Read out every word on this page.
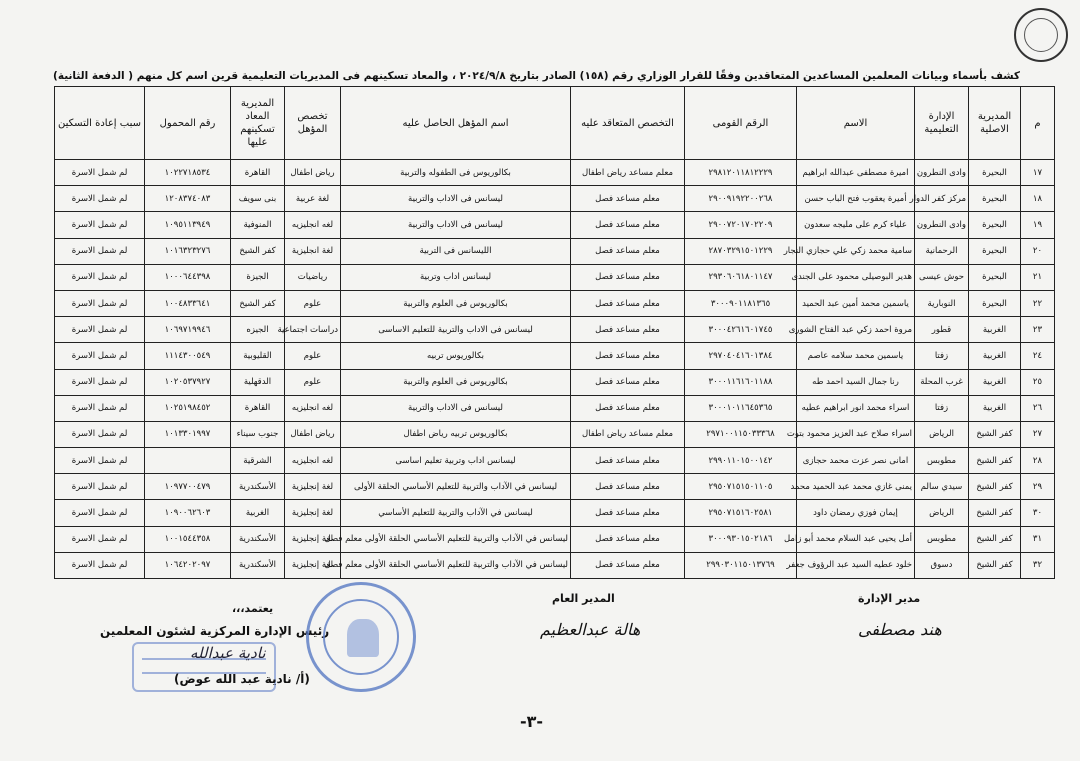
كشف بأسماء وبيانات المعلمين المساعدين المتعاقدين وفقًا للقرار الوزاري رقم (١٥٨) الصادر بتاريخ ٢٠٢٤/٩/٨ ، والمعاد تسكينهم فى المديريات التعليمية قرين اسم كل منهم ( الدفعة الثانية)
م	المديرية الاصلية	الإدارة التعليمية	الاسم	الرقم القومى	التخصص المتعاقد عليه	اسم المؤهل الحاصل عليه	تخصص المؤهل	المديرية المعاد تسكينهم عليها	رقم المحمول	سبب إعادة التسكين
١٧	البحيرة	وادى النطرون	اميرة مصطفى عبدالله ابراهيم	٢٩٨١٢٠١١٨١٢٢٢٩	معلم مساعد رياض اطفال	بكالوريوس فى الطفوله والتربية	رياض اطفال	القاهرة	١٠٢٢٧١٨٥٣٤	لم شمل الاسرة
١٨	البحيرة	مركز كفر الدوار	أميرة يعقوب فتح الباب حسن	٢٩٠٠٩١٩٢٢٠٠٢٦٨	معلم مساعد فصل	ليسانس فى الاداب والتربية	لغة عربية	بنى سويف	١٢٠٨٣٧٤٠٨٣	لم شمل الاسرة
١٩	البحيرة	وادى النطرون	علياء كرم على مليجه سعدون	٢٩٠٠٧٢٠١٧٠٢٢٠٩	معلم مساعد فصل	ليسانس فى الاداب والتربية	لغه انجليزيه	المنوفية	١٠٩٥١١٣٩٤٩	لم شمل الاسرة
٢٠	البحيرة	الرحمانية	سامية محمد زكي علي حجازي النجار	٢٨٧٠٣٢٩١٥٠١٢٢٩	معلم مساعد فصل	الليسانس فى التربية	لغة انجليزية	كفر الشيخ	١٠١٦٣٢٣٢٧٦	لم شمل الاسرة
٢١	البحيرة	حوش عيسى	هدير البوصيلى محمود على الجندى	٢٩٣٠٦٠٦١٨٠١١٤٧	معلم مساعد فصل	ليسانس اداب وتربية	رياضيات	الجيزة	١٠٠٠٦٤٤٣٩٨	لم شمل الاسرة
٢٢	البحيرة	النوبارية	ياسمين محمد أمين عبد الحميد	٣٠٠٠٩٠١١٨١٣٦٥	معلم مساعد فصل	بكالوريوس فى العلوم والتربية	علوم	كفر الشيخ	١٠٠٤٨٣٣٦٤١	لم شمل الاسرة
٢٣	الغربية	قطور	مروة احمد زكي عبد الفتاح الشورى	٣٠٠٠٤٢٦١٦٠١٧٤٥	معلم مساعد فصل	ليسانس فى الاداب والتربية للتعليم الاساسى	دراسات اجتماعية	الجيزه	١٠٦٩٧١٩٩٤٦	لم شمل الاسرة
٢٤	الغربية	زفتا	ياسمين محمد سلامه عاصم	٢٩٧٠٤٠٤١٦٠١٣٨٤	معلم مساعد فصل	بكالوريوس تربيه	علوم	القليوبية	١١١٤٣٠٠٥٤٩	لم شمل الاسرة
٢٥	الغربية	غرب المحلة	رنا جمال السيد احمد طه	٣٠٠٠١١٦١٦٠١١٨٨	معلم مساعد فصل	بكالوريوس فى العلوم والتربية	علوم	الدقهلية	١٠٢٠٥٣٧٩٢٧	لم شمل الاسرة
٢٦	الغربية	زفتا	اسراء محمد انور ابراهيم عطيه	٣٠٠٠١٠١١٦٤٥٣٦٥	معلم مساعد فصل	ليسانس فى الاداب والتربية	لغه انجليزيه	القاهرة	١٠٢٥١٩٨٤٥٢	لم شمل الاسرة
٢٧	كفر الشيخ	الرياض	اسراء صلاح عبد العزيز محمود بتوت	٢٩٧١٠٠١١٥٠٣٣٣٦٨	معلم مساعد رياض اطفال	بكالوريوس تربيه رياض اطفال	رياض اطفال	جنوب سيناء	١٠١٣٣٠١٩٩٧	لم شمل الاسرة
٢٨	كفر الشيخ	مطوبس	امانى نصر عزت محمد حجازى	٢٩٩٠١١٠١٥٠٠١٤٢	معلم مساعد فصل	ليسانس اداب وتربية تعليم اساسى	لغه انجليزيه	الشرقية		لم شمل الاسرة
٢٩	كفر الشيخ	سيدي سالم	يمنى غازي محمد عبد الحميد محمد	٢٩٥٠٧١٥١٥٠١١٠٥	معلم مساعد فصل	ليسانس في الآداب والتربية للتعليم الأساسي الحلقة الأولى	لغة إنجليزية	الأسكندرية	١٠٩٧٧٠٠٤٧٩	لم شمل الاسرة
٣٠	كفر الشيخ	الرياض	إيمان فوزي رمضان داود	٢٩٥٠٧١٥١٦٠٢٥٨١	معلم مساعد فصل	ليسانس في الآداب والتربية للتعليم الأساسي	لغة إنجليزية	الغربية	١٠٩٠٠٦٢٦٠٣	لم شمل الاسرة
٣١	كفر الشيخ	مطوبس	أمل يحيى عبد السلام محمد أبو زامل	٣٠٠٠٩٣٠١٥٠٢١٨٦	معلم مساعد فصل	ليسانس في الآداب والتربية للتعليم الأساسي الحلقة الأولى معلم فصل	لغة إنجليزية	الأسكندرية	١٠٠١٥٤٤٣٥٨	لم شمل الاسرة
٣٢	كفر الشيخ	دسوق	خلود عطيه السيد عبد الرؤوف جعفر	٢٩٩٠٣٠١١٥٠١٣٧٦٩	معلم مساعد فصل	ليسانس في الآداب والتربية للتعليم الأساسي الحلقة الأولى معلم فصل	لغة إنجليزية	الأسكندرية	١٠٦٤٢٠٢٠٩٧	لم شمل الاسرة
مدير الإدارة
هند مصطفى
المدير العام
هالة عبدالعظيم
يعتمد،،،
رئيس الإدارة المركزية لشئون المعلمين
نادية عبدالله
(أ/ نادية عبد الله عوض)
-٣-
